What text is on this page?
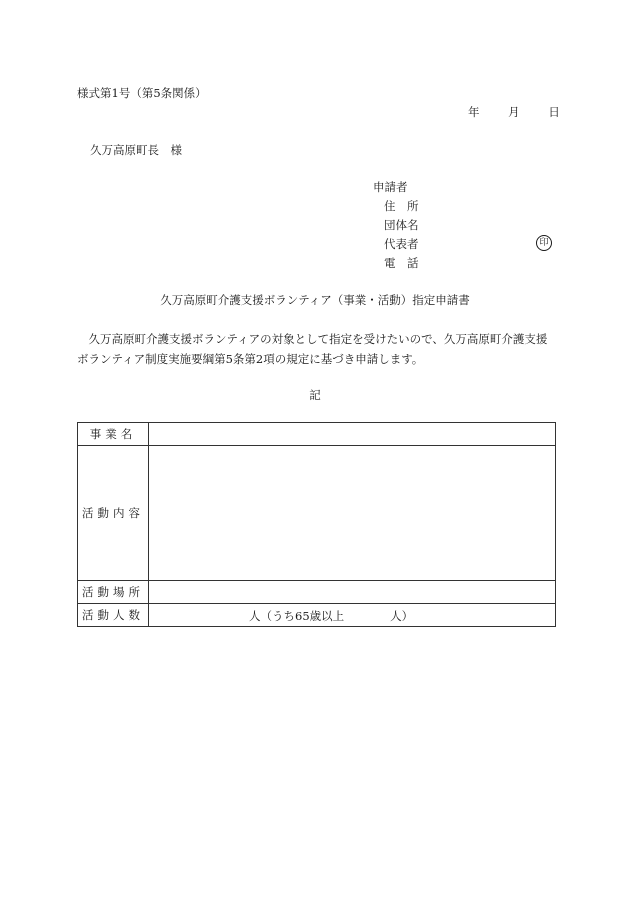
様式第1号（第5条関係）
年 月 日
久万高原町長　様
申請者
住　所
団体名
代表者	印
電　話
久万高原町介護支援ボランティア（事業・活動）指定申請書
久万高原町介護支援ボランティアの対象として指定を受けたいので、久万高原町介護支援ボランティア制度実施要綱第5条第2項の規定に基づき申請します。
記
事業名	
活動内容	
活動場所	
活動人数	人（うち65歳以上　　　　人）
